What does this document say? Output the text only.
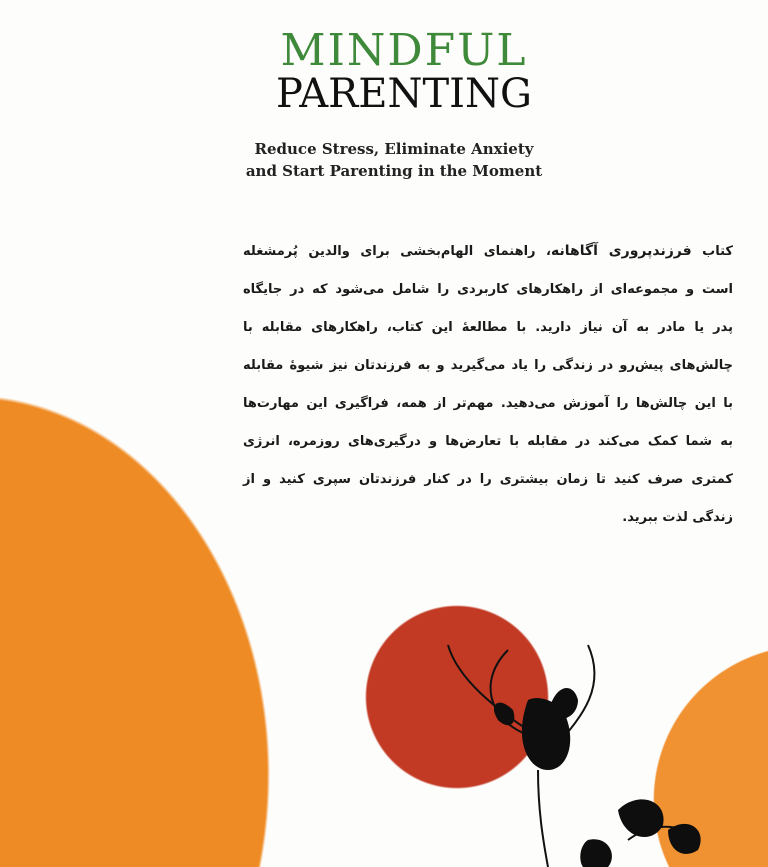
MINDFUL
PARENTING
Reduce Stress, Eliminate Anxiety
and Start Parenting in the Moment
کتاب فرزندپروری آگاهانه، راهنمای الهام‌بخشی برای والدین پُرمشغله
است و مجموعه‌ای از راهکارهای کاربردی را شامل می‌شود که در جایگاه
پدر یا مادر به آن نیاز دارید. با مطالعهٔ این کتاب، راهکارهای مقابله با
چالش‌های پیش‌رو در زندگی را یاد می‌گیرید و به فرزندتان نیز شیوهٔ مقابله
با این چالش‌ها را آموزش می‌دهید. مهم‌تر از همه، فراگیری این مهارت‌ها
به شما کمک می‌کند در مقابله با تعارض‌ها و درگیری‌های روزمره، انرژی
کمتری صرف کنید تا زمان بیشتری را در کنار فرزندتان سپری کنید و از
زندگی لذت ببرید.
